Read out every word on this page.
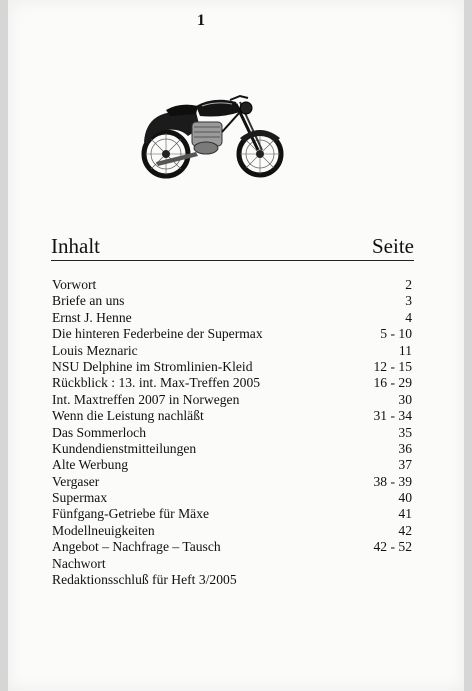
1
Inhalt	Seite
Vorwort	2
Briefe an uns	3
Ernst J. Henne	4
Die hinteren Federbeine der Supermax	5 - 10
Louis Meznaric	11
NSU Delphine im Stromlinien-Kleid	12 - 15
Rückblick : 13. int. Max-Treffen 2005	16 - 29
Int. Maxtreffen 2007 in Norwegen	30
Wenn die Leistung nachläßt	31 - 34
Das Sommerloch	35
Kundendienstmitteilungen	36
Alte Werbung	37
Vergaser	38 - 39
Supermax	40
Fünfgang-Getriebe für Mäxe	41
Modellneuigkeiten	42
Angebot – Nachfrage – Tausch	42 - 52
Nachwort
Redaktionsschluß für Heft 3/2005
